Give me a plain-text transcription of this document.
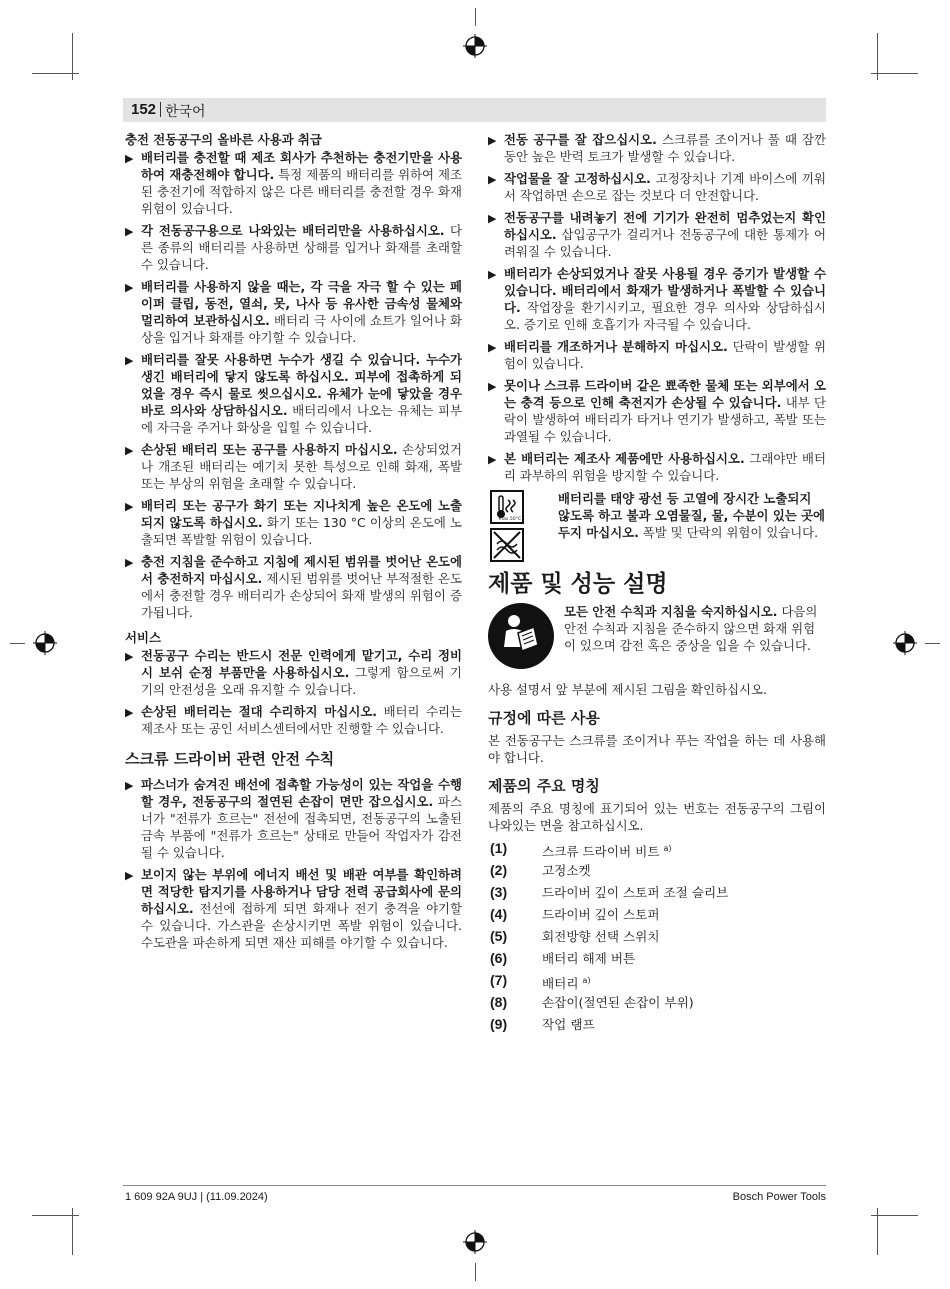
152 한국어
충전 전동공구의 올바른 사용과 취급
▶ 배터리를 충전할 때 제조 회사가 추천하는 충전기만을 사용하여 재충전해야 합니다. 특정 제품의 배터리를 위하여 제조된 충전기에 적합하지 않은 다른 배터리를 충전할 경우 화재 위험이 있습니다.
▶ 각 전동공구용으로 나와있는 배터리만을 사용하십시오. 다른 종류의 배터리를 사용하면 상해를 입거나 화재를 초래할 수 있습니다.
▶ 배터리를 사용하지 않을 때는, 각 극을 자극 할 수 있는 페이퍼 클립, 동전, 열쇠, 못, 나사 등 유사한 금속성 물체와 멀리하여 보관하십시오. 배터리 극 사이에 쇼트가 일어나 화상을 입거나 화재를 야기할 수 있습니다.
▶ 배터리를 잘못 사용하면 누수가 생길 수 있습니다. 누수가 생긴 배터리에 닿지 않도록 하십시오. 피부에 접촉하게 되었을 경우 즉시 물로 씻으십시오. 유체가 눈에 닿았을 경우 바로 의사와 상담하십시오. 배터리에서 나오는 유체는 피부에 자극을 주거나 화상을 입힐 수 있습니다.
▶ 손상된 배터리 또는 공구를 사용하지 마십시오. 손상되었거나 개조된 배터리는 예기치 못한 특성으로 인해 화재, 폭발 또는 부상의 위험을 초래할 수 있습니다.
▶ 배터리 또는 공구가 화기 또는 지나치게 높은 온도에 노출되지 않도록 하십시오. 화기 또는 130 °C 이상의 온도에 노출되면 폭발할 위험이 있습니다.
▶ 충전 지침을 준수하고 지침에 제시된 범위를 벗어난 온도에서 충전하지 마십시오. 제시된 범위를 벗어난 부적절한 온도에서 충전할 경우 배터리가 손상되어 화재 발생의 위험이 증가됩니다.
서비스
▶ 전동공구 수리는 반드시 전문 인력에게 맡기고, 수리 정비 시 보쉬 순정 부품만을 사용하십시오. 그렇게 함으로써 기기의 안전성을 오래 유지할 수 있습니다.
▶ 손상된 배터리는 절대 수리하지 마십시오. 배터리 수리는 제조사 또는 공인 서비스센터에서만 진행할 수 있습니다.
스크류 드라이버 관련 안전 수칙
▶ 파스너가 숨겨진 배선에 접촉할 가능성이 있는 작업을 수행할 경우, 전동공구의 절연된 손잡이 면만 잡으십시오. 파스너가 "전류가 흐르는" 전선에 접촉되면, 전동공구의 노출된 금속 부품에 "전류가 흐르는" 상태로 만들어 작업자가 감전될 수 있습니다.
▶ 보이지 않는 부위에 에너지 배선 및 배관 여부를 확인하려면 적당한 탐지기를 사용하거나 담당 전력 공급회사에 문의하십시오. 전선에 접하게 되면 화재나 전기 충격을 야기할 수 있습니다. 가스관을 손상시키면 폭발 위험이 있습니다. 수도관을 파손하게 되면 재산 피해를 야기할 수 있습니다.
▶ 전동 공구를 잘 잡으십시오. 스크류를 조이거나 풀 때 잠깐 동안 높은 반력 토크가 발생할 수 있습니다.
▶ 작업물을 잘 고정하십시오. 고정장치나 기계 바이스에 끼워서 작업하면 손으로 잡는 것보다 더 안전합니다.
▶ 전동공구를 내려놓기 전에 기기가 완전히 멈추었는지 확인하십시오. 삽입공구가 걸리거나 전동공구에 대한 통제가 어려워질 수 있습니다.
▶ 배터리가 손상되었거나 잘못 사용될 경우 증기가 발생할 수 있습니다. 배터리에서 화재가 발생하거나 폭발할 수 있습니다. 작업장을 환기시키고, 필요한 경우 의사와 상담하십시오. 증기로 인해 호흡기가 자극될 수 있습니다.
▶ 배터리를 개조하거나 분해하지 마십시오. 단락이 발생할 위험이 있습니다.
▶ 못이나 스크류 드라이버 같은 뾰족한 물체 또는 외부에서 오는 충격 등으로 인해 축전지가 손상될 수 있습니다. 내부 단락이 발생하여 배터리가 타거나 연기가 발생하고, 폭발 또는 과열될 수 있습니다.
▶ 본 배터리는 제조사 제품에만 사용하십시오. 그래야만 배터리 과부하의 위험을 방지할 수 있습니다.
max.50°C
배터리를 태양 광선 등 고열에 장시간 노출되지 않도록 하고 불과 오염물질, 물, 수분이 있는 곳에 두지 마십시오. 폭발 및 단락의 위험이 있습니다.
제품 및 성능 설명
모든 안전 수칙과 지침을 숙지하십시오. 다음의 안전 수칙과 지침을 준수하지 않으면 화재 위험이 있으며 감전 혹은 중상을 입을 수 있습니다.

사용 설명서 앞 부분에 제시된 그림을 확인하십시오.

규정에 따른 사용

본 전동공구는 스크류를 조이거나 푸는 작업을 하는 데 사용해야 합니다.

제품의 주요 명칭

제품의 주요 명칭에 표기되어 있는 번호는 전동공구의 그림이 나와있는 면을 참고하십시오.

(1)	스크류 드라이버 비트 $^{a)}$
(2)	고정소켓
(3)	드라이버 깊이 스토퍼 조절 슬리브
(4)	드라이버 깊이 스토퍼
(5)	회전방향 선택 스위치
(6)	배터리 해제 버튼
(7)	배터리 $^{a)}$
(8)	손잡이(절연된 손잡이 부위)
(9)	작업 램프
1 609 92A 9UJ | (11.09.2024)	Bosch Power Tools
